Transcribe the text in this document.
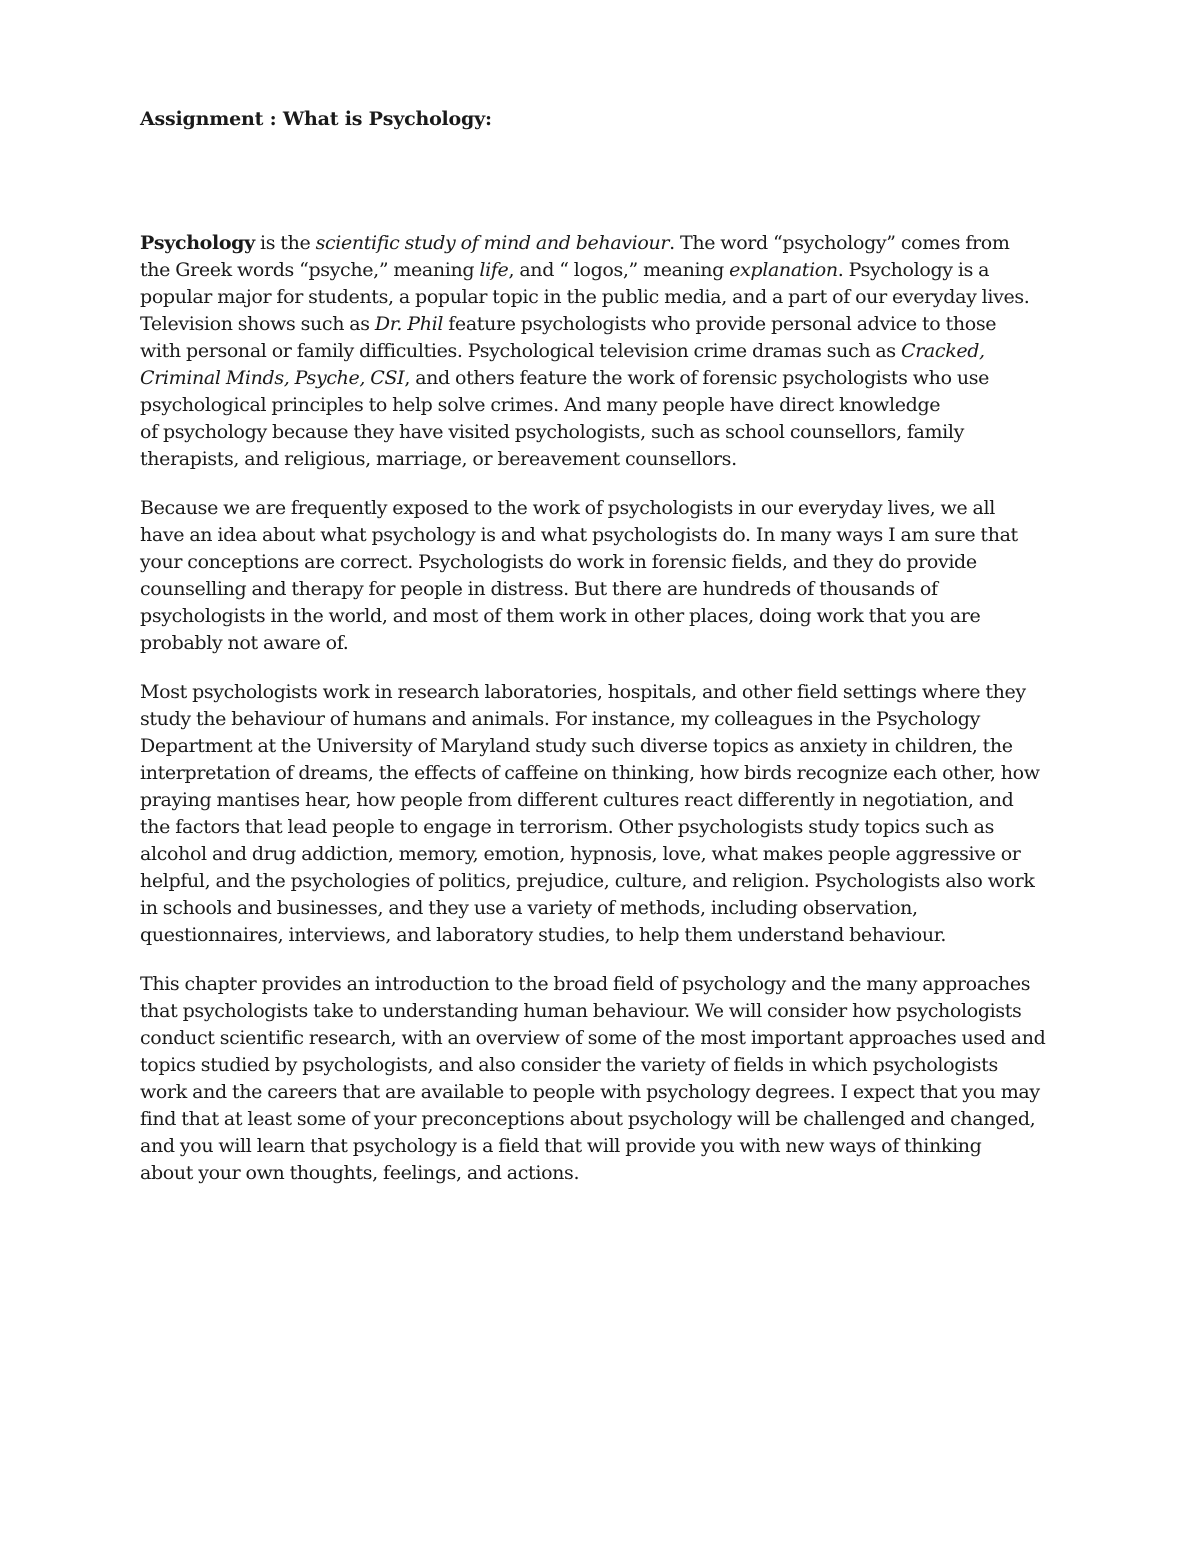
Assignment : What is Psychology:

Psychology is the scientific study of mind and behaviour. The word “psychology” comes from
the Greek words “psyche,” meaning life, and “ logos,” meaning explanation. Psychology is a
popular major for students, a popular topic in the public media, and a part of our everyday lives.
Television shows such as Dr. Phil feature psychologists who provide personal advice to those
with personal or family difficulties. Psychological television crime dramas such as Cracked,
Criminal Minds, Psyche, CSI, and others feature the work of forensic psychologists who use
psychological principles to help solve crimes. And many people have direct knowledge
of psychology because they have visited psychologists, such as school counsellors, family
therapists, and religious, marriage, or bereavement counsellors.

Because we are frequently exposed to the work of psychologists in our everyday lives, we all
have an idea about what psychology is and what psychologists do. In many ways I am sure that
your conceptions are correct. Psychologists do work in forensic fields, and they do provide
counselling and therapy for people in distress. But there are hundreds of thousands of
psychologists in the world, and most of them work in other places, doing work that you are
probably not aware of.

Most psychologists work in research laboratories, hospitals, and other field settings where they
study the behaviour of humans and animals. For instance, my colleagues in the Psychology
Department at the University of Maryland study such diverse topics as anxiety in children, the
interpretation of dreams, the effects of caffeine on thinking, how birds recognize each other, how
praying mantises hear, how people from different cultures react differently in negotiation, and
the factors that lead people to engage in terrorism. Other psychologists study topics such as
alcohol and drug addiction, memory, emotion, hypnosis, love, what makes people aggressive or
helpful, and the psychologies of politics, prejudice, culture, and religion. Psychologists also work
in schools and businesses, and they use a variety of methods, including observation,
questionnaires, interviews, and laboratory studies, to help them understand behaviour.

This chapter provides an introduction to the broad field of psychology and the many approaches
that psychologists take to understanding human behaviour. We will consider how psychologists
conduct scientific research, with an overview of some of the most important approaches used and
topics studied by psychologists, and also consider the variety of fields in which psychologists
work and the careers that are available to people with psychology degrees. I expect that you may
find that at least some of your preconceptions about psychology will be challenged and changed,
and you will learn that psychology is a field that will provide you with new ways of thinking
about your own thoughts, feelings, and actions.
